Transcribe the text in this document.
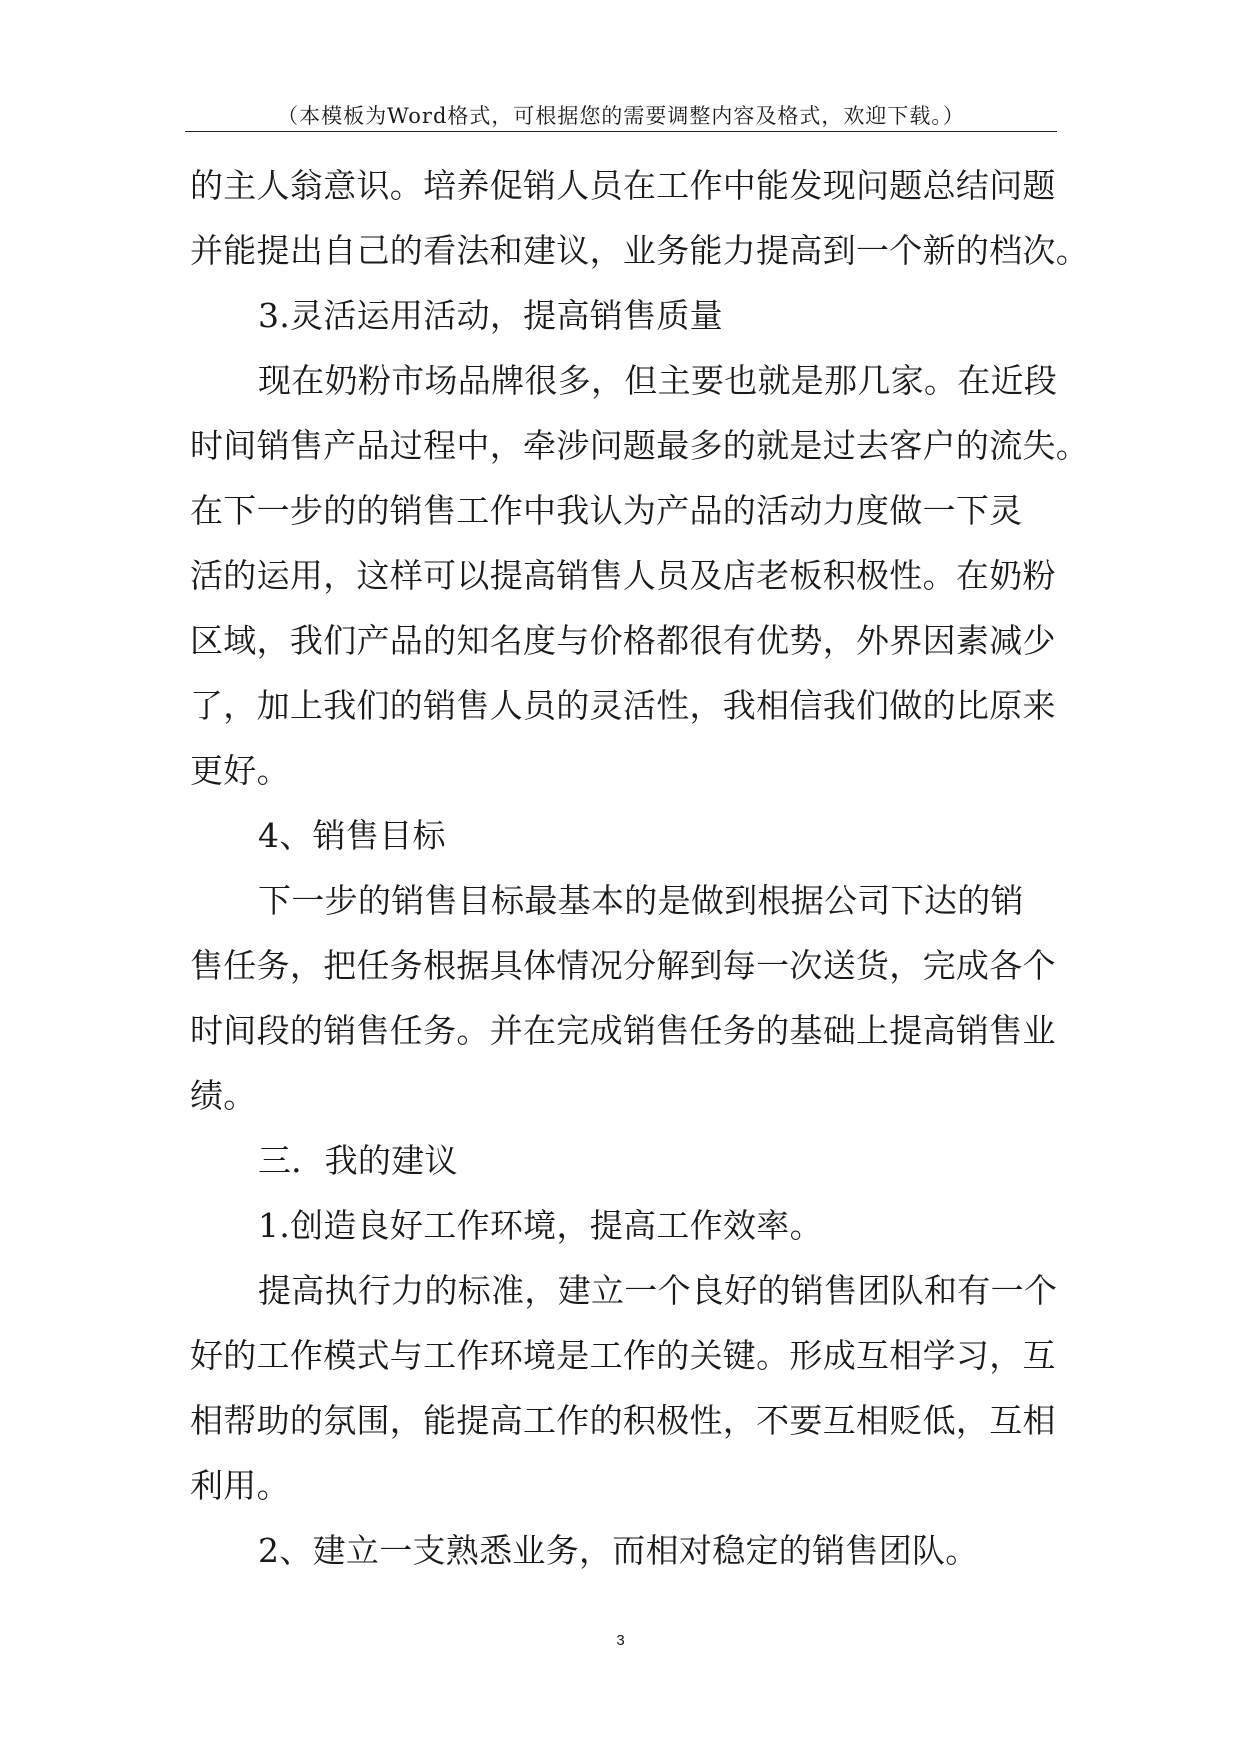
（本模板为Word格式，可根据您的需要调整内容及格式，欢迎下载。）
的主人翁意识。培养促销人员在工作中能发现问题总结问题
并能提出自己的看法和建议，业务能力提高到一个新的档次。
3.灵活运用活动，提高销售质量
现在奶粉市场品牌很多，但主要也就是那几家。在近段
时间销售产品过程中，牵涉问题最多的就是过去客户的流失。
在下一步的的销售工作中我认为产品的活动力度做一下灵
活的运用，这样可以提高销售人员及店老板积极性。在奶粉
区域，我们产品的知名度与价格都很有优势，外界因素减少
了，加上我们的销售人员的灵活性，我相信我们做的比原来
更好。
4、销售目标
下一步的销售目标最基本的是做到根据公司下达的销
售任务，把任务根据具体情况分解到每一次送货，完成各个
时间段的销售任务。并在完成销售任务的基础上提高销售业
绩。
三．我的建议
1.创造良好工作环境，提高工作效率。
提高执行力的标准，建立一个良好的销售团队和有一个
好的工作模式与工作环境是工作的关键。形成互相学习，互
相帮助的氛围，能提高工作的积极性，不要互相贬低，互相
利用。
2、建立一支熟悉业务，而相对稳定的销售团队。
3
